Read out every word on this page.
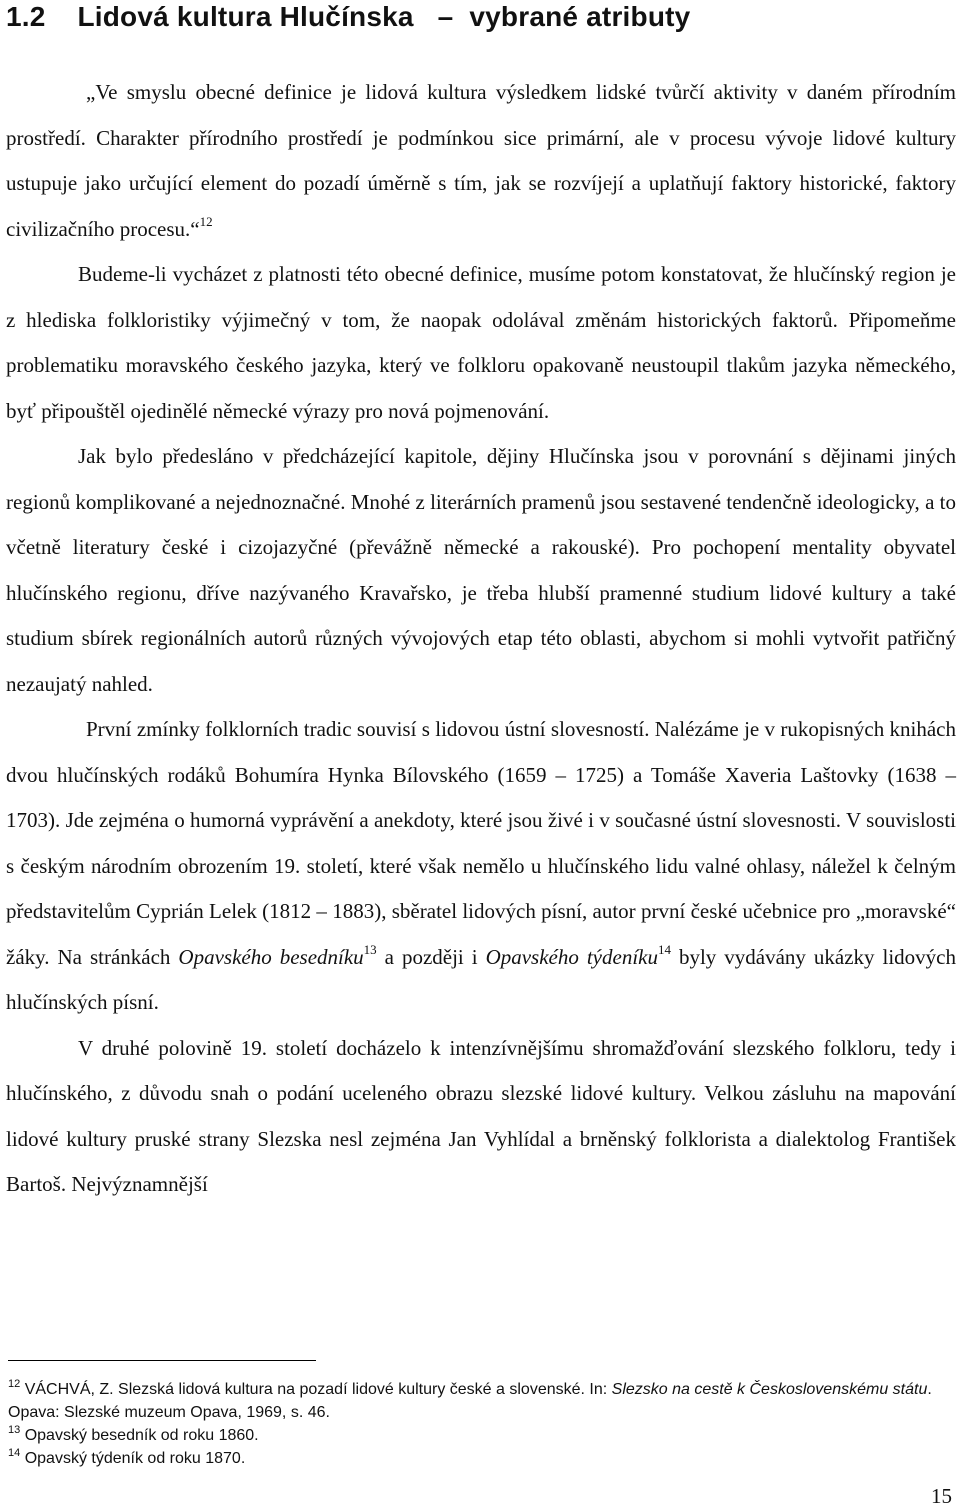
1.2 Lidová kultura Hlučínska – vybrané atributy

„Ve smyslu obecné definice je lidová kultura výsledkem lidské tvůrčí aktivity v daném přírodním prostředí. Charakter přírodního prostředí je podmínkou sice primární, ale v procesu vývoje lidové kultury ustupuje jako určující element do pozadí úměrně s tím, jak se rozvíjejí a uplatňují faktory historické, faktory civilizačního procesu.“$^{12}$

Budeme-li vycházet z platnosti této obecné definice, musíme potom konstatovat, že hlučínský region je z hlediska folkloristiky výjimečný v tom, že naopak odolával změnám historických faktorů. Připomeňme problematiku moravského českého jazyka, který ve folkloru opakovaně neustoupil tlakům jazyka německého, byť připouštěl ojedinělé německé výrazy pro nová pojmenování.

Jak bylo předesláno v předcházející kapitole, dějiny Hlučínska jsou v porovnání s dějinami jiných regionů komplikované a nejednoznačné. Mnohé z literárních pramenů jsou sestavené tendenčně ideologicky, a to včetně literatury české i cizojazyčné (převážně německé a rakouské). Pro pochopení mentality obyvatel hlučínského regionu, dříve nazývaného Kravařsko, je třeba hlubší pramenné studium lidové kultury a také studium sbírek regionálních autorů různých vývojových etap této oblasti, abychom si mohli vytvořit patřičný nezaujatý nahled.

První zmínky folklorních tradic souvisí s lidovou ústní slovesností. Nalézáme je v rukopisných knihách dvou hlučínských rodáků Bohumíra Hynka Bílovského (1659 – 1725) a Tomáše Xaveria Laštovky (1638 – 1703). Jde zejména o humorná vyprávění a anekdoty, které jsou živé i v současné ústní slovesnosti. V souvislosti s českým národním obrozením 19. století, které však nemělo u hlučínského lidu valné ohlasy, náležel k čelným představitelům Cyprián Lelek (1812 – 1883), sběratel lidových písní, autor první české učebnice pro „moravské“ žáky. Na stránkách Opavského besedníku$^{13}$ a později i Opavského týdeníku$^{14}$ byly vydávány ukázky lidových hlučínských písní.

V druhé polovině 19. století docházelo k intenzívnějšímu shromažďování slezského folkloru, tedy i hlučínského, z důvodu snah o podání uceleného obrazu slezské lidové kultury. Velkou zásluhu na mapování lidové kultury pruské strany Slezska nesl zejména Jan Vyhlídal a brněnský folklorista a dialektolog František Bartoš. Nejvýznamnější

$^{12}$ VÁCHVÁ, Z. Slezská lidová kultura na pozadí lidové kultury české a slovenské. In: Slezsko na cestě k Československému státu. Opava: Slezské muzeum Opava, 1969, s. 46.

$^{13}$ Opavský besedník od roku 1860.

$^{14}$ Opavský týdeník od roku 1870.

15
